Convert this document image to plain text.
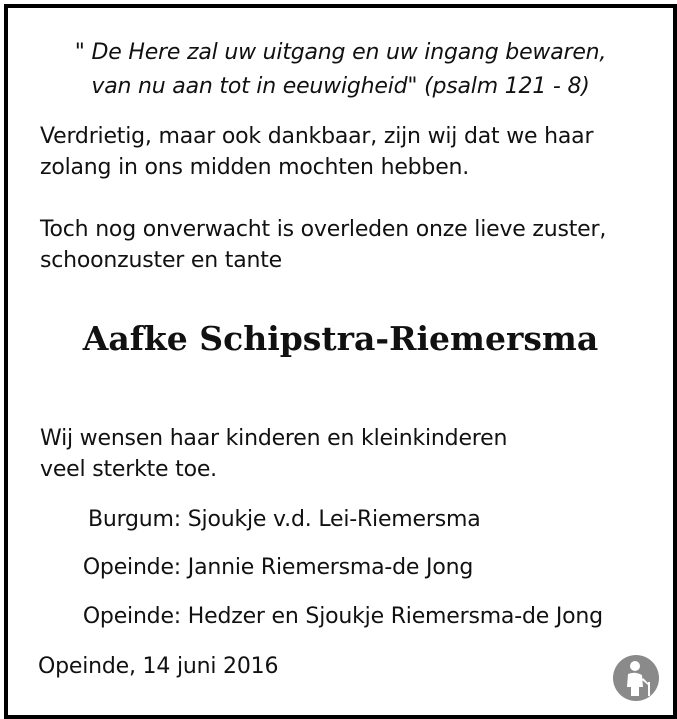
" De Here zal uw uitgang en uw ingang bewaren,
van nu aan tot in eeuwigheid" (psalm 121 - 8)
Verdrietig, maar ook dankbaar, zijn wij dat we haar
zolang in ons midden mochten hebben.
Toch nog onverwacht is overleden onze lieve zuster,
schoonzuster en tante
Aafke Schipstra-Riemersma
Wij wensen haar kinderen en kleinkinderen
veel sterkte toe.
Burgum: Sjoukje v.d. Lei-Riemersma
Opeinde: Jannie Riemersma-de Jong
Opeinde: Hedzer en Sjoukje Riemersma-de Jong
Opeinde, 14 juni 2016
